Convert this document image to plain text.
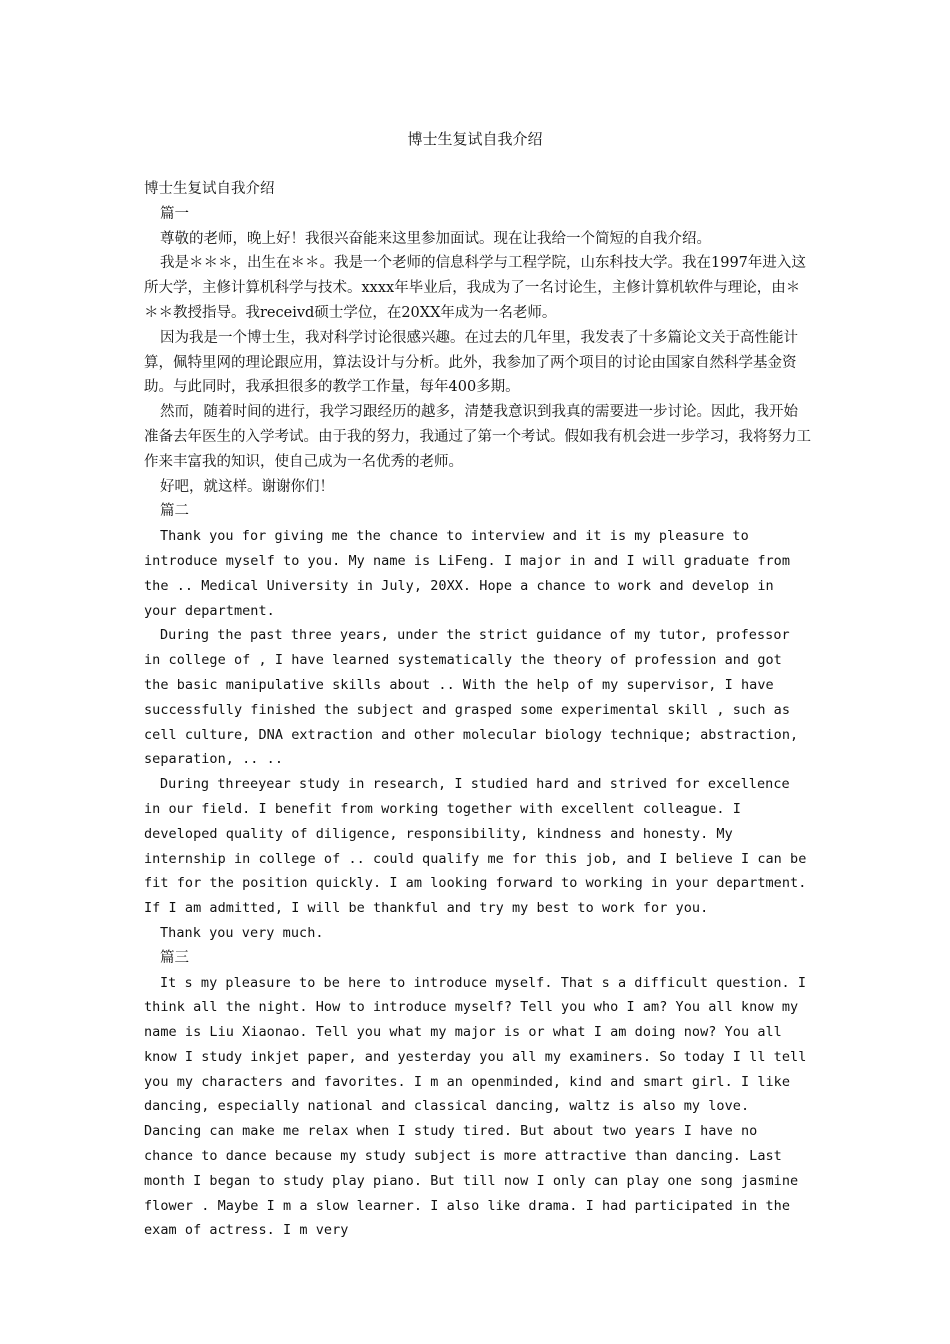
博士生复试自我介绍

博士生复试自我介绍

篇一

尊敬的老师，晚上好！我很兴奋能来这里参加面试。现在让我给一个简短的自我介绍。

我是＊＊＊，出生在＊＊。我是一个老师的信息科学与工程学院，山东科技大学。我在1997年进入这所大学，主修计算机科学与技术。xxxx年毕业后，我成为了一名讨论生，主修计算机软件与理论，由＊＊＊教授指导。我receivd硕士学位，在20XX年成为一名老师。

因为我是一个博士生，我对科学讨论很感兴趣。在过去的几年里，我发表了十多篇论文关于高性能计算，佩特里网的理论跟应用，算法设计与分析。此外，我参加了两个项目的讨论由国家自然科学基金资助。与此同时，我承担很多的教学工作量，每年400多期。

然而，随着时间的进行，我学习跟经历的越多，清楚我意识到我真的需要进一步讨论。因此，我开始准备去年医生的入学考试。由于我的努力，我通过了第一个考试。假如我有机会进一步学习，我将努力工作来丰富我的知识，使自己成为一名优秀的老师。

好吧，就这样。谢谢你们！

篇二

Thank you for giving me the chance to interview and it is my pleasure to introduce myself to you. My name is LiFeng. I major in and I will graduate from the .. Medical University in July, 20XX. Hope a chance to work and develop in your department.

During the past three years, under the strict guidance of my tutor, professor in college of , I have learned systematically the theory of profession and got the basic manipulative skills about .. With the help of my supervisor, I have successfully finished the subject and grasped some experimental skill , such as cell culture, DNA extraction and other molecular biology technique; abstraction, separation, .. ..

During threeyear study in research, I studied hard and strived for excellence in our field. I benefit from working together with excellent colleague. I developed quality of diligence, responsibility, kindness and honesty. My internship in college of .. could qualify me for this job, and I believe I can be fit for the position quickly. I am looking forward to working in your department. If I am admitted, I will be thankful and try my best to work for you.

Thank you very much.

篇三

It s my pleasure to be here to introduce myself. That s a difficult question. I think all the night. How to introduce myself? Tell you who I am? You all know my name is Liu Xiaonao. Tell you what my major is or what I am doing now? You all know I study inkjet paper, and yesterday you all my examiners. So today I ll tell you my characters and favorites. I m an openminded, kind and smart girl. I like dancing, especially national and classical dancing, waltz is also my love. Dancing can make me relax when I study tired. But about two years I have no chance to dance because my study subject is more attractive than dancing. Last month I began to study play piano. But till now I only can play one song jasmine flower . Maybe I m a slow learner. I also like drama. I had participated in the exam of actress. I m very
